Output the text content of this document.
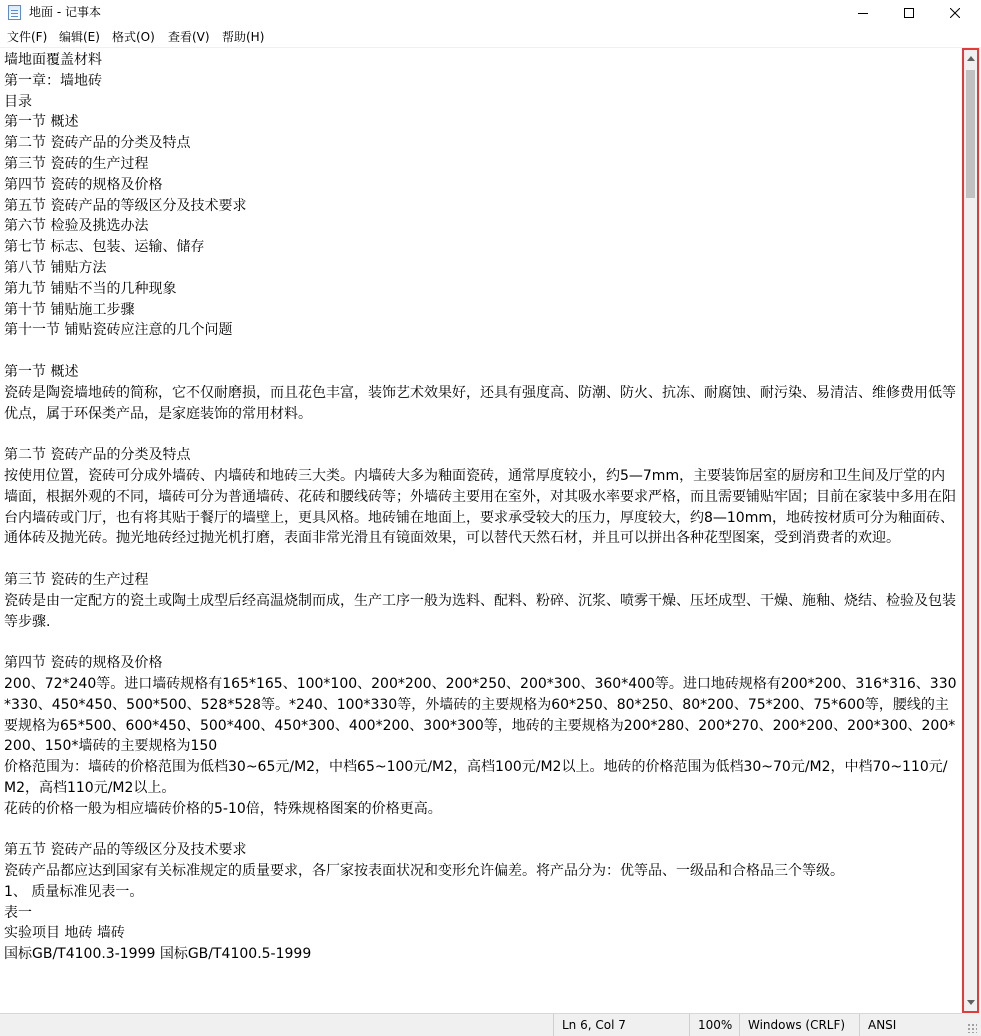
地面 - 记事本
文件(F) 编辑(E) 格式(O) 查看(V) 帮助(H)
墙地面覆盖材料
第一章：墙地砖
目录
第一节 概述
第二节 瓷砖产品的分类及特点
第三节 瓷砖的生产过程
第四节 瓷砖的规格及价格
第五节 瓷砖产品的等级区分及技术要求
第六节 检验及挑选办法
第七节 标志、包装、运输、储存
第八节 铺贴方法
第九节 铺贴不当的几种现象
第十节 铺贴施工步骤
第十一节 铺贴瓷砖应注意的几个问题

第一节 概述
瓷砖是陶瓷墙地砖的简称，它不仅耐磨损，而且花色丰富，装饰艺术效果好，还具有强度高、防潮、防火、抗冻、耐腐蚀、耐污染、易清洁、维修费用低等优点，属于环保类产品，是家庭装饰的常用材料。

第二节 瓷砖产品的分类及特点
按使用位置，瓷砖可分成外墙砖、内墙砖和地砖三大类。内墙砖大多为釉面瓷砖，通常厚度较小，约5—7mm，主要装饰居室的厨房和卫生间及厅堂的内墙面，根据外观的不同，墙砖可分为普通墙砖、花砖和腰线砖等；外墙砖主要用在室外，对其吸水率要求严格，而且需要铺贴牢固；目前在家装中多用在阳台内墙砖或门厅，也有将其贴于餐厅的墙壁上，更具风格。地砖铺在地面上，要求承受较大的压力，厚度较大，约8—10mm，地砖按材质可分为釉面砖、通体砖及抛光砖。抛光地砖经过抛光机打磨，表面非常光滑且有镜面效果，可以替代天然石材，并且可以拼出各种花型图案，受到消费者的欢迎。

第三节 瓷砖的生产过程
瓷砖是由一定配方的瓷土或陶土成型后经高温烧制而成，生产工序一般为选料、配料、粉碎、沉浆、喷雾干燥、压坯成型、干燥、施釉、烧结、检验及包装等步骤.

第四节 瓷砖的规格及价格
200、72*240等。进口墙砖规格有165*165、100*100、200*200、200*250、200*300、360*400等。进口地砖规格有200*200、316*316、330*330、450*450、500*500、528*528等。*240、100*330等，外墙砖的主要规格为60*250、80*250、80*200、75*200、75*600等，腰线的主要规格为65*500、600*450、500*400、450*300、400*200、300*300等，地砖的主要规格为200*280、200*270、200*200、200*300、200*200、150*墙砖的主要规格为150
价格范围为：墙砖的价格范围为低档30~65元/M2，中档65~100元/M2，高档100元/M2以上。地砖的价格范围为低档30~70元/M2，中档70~110元/M2，高档110元/M2以上。
花砖的价格一般为相应墙砖价格的5-10倍，特殊规格图案的价格更高。

第五节 瓷砖产品的等级区分及技术要求
瓷砖产品都应达到国家有关标准规定的质量要求，各厂家按表面状况和变形允许偏差。将产品分为：优等品、一级品和合格品三个等级。
1、 质量标准见表一。
表一
实验项目 地砖 墙砖
国标GB/T4100.3-1999 国标GB/T4100.5-1999
Ln 6, Col 7	100%	Windows (CRLF)	ANSI
